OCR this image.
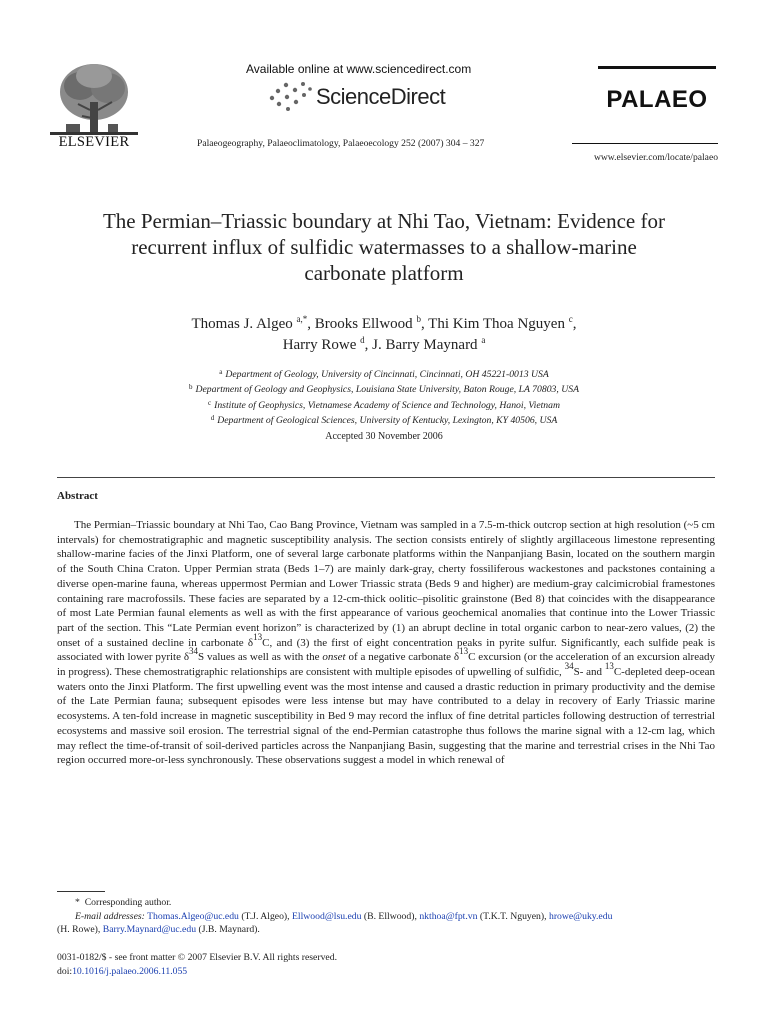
ELSEVIER
Available online at www.sciencedirect.com
ScienceDirect
Palaeogeography, Palaeoclimatology, Palaeoecology 252 (2007) 304 – 327
PALAEO
www.elsevier.com/locate/palaeo
The Permian–Triassic boundary at Nhi Tao, Vietnam: Evidence for
recurrent influx of sulfidic watermasses to a shallow-marine
carbonate platform
Thomas J. Algeo $^{a,*}$, Brooks Ellwood $^b$, Thi Kim Thoa Nguyen $^c$,
Harry Rowe $^d$, J. Barry Maynard $^a$
$^a$ Department of Geology, University of Cincinnati, Cincinnati, OH 45221-0013 USA
$^b$ Department of Geology and Geophysics, Louisiana State University, Baton Rouge, LA 70803, USA
$^c$ Institute of Geophysics, Vietnamese Academy of Science and Technology, Hanoi, Vietnam
$^d$ Department of Geological Sciences, University of Kentucky, Lexington, KY 40506, USA
Accepted 30 November 2006
Abstract

The Permian–Triassic boundary at Nhi Tao, Cao Bang Province, Vietnam was sampled in a 7.5-m-thick outcrop section at high resolution (~5 cm intervals) for chemostratigraphic and magnetic susceptibility analysis. The section consists entirely of slightly argillaceous limestone representing shallow-marine facies of the Jinxi Platform, one of several large carbonate platforms within the Nanpanjiang Basin, located on the southern margin of the South China Craton. Upper Permian strata (Beds 1–7) are mainly dark-gray, cherty fossiliferous wackestones and packstones containing a diverse open-marine fauna, whereas uppermost Permian and Lower Triassic strata (Beds 9 and higher) are medium-gray calcimicrobial framestones containing rare macrofossils. These facies are separated by a 12-cm-thick oolitic–pisolitic grainstone (Bed 8) that coincides with the disappearance of most Late Permian faunal elements as well as with the first appearance of various geochemical anomalies that continue into the Lower Triassic part of the section. This “Late Permian event horizon” is characterized by (1) an abrupt decline in total organic carbon to near-zero values, (2) the onset of a sustained decline in carbonate $\delta^{13}C$, and (3) the first of eight concentration peaks in pyrite sulfur. Significantly, each sulfide peak is associated with lower pyrite $\delta^{34}S$ values as well as with the onset of a negative carbonate $\delta^{13}C$ excursion (or the acceleration of an excursion already in progress). These chemostratigraphic relationships are consistent with multiple episodes of upwelling of sulfidic, $^{34}$S- and $^{13}$C-depleted deep-ocean waters onto the Jinxi Platform. The first upwelling event was the most intense and caused a drastic reduction in primary productivity and the demise of the Late Permian fauna; subsequent episodes were less intense but may have contributed to a delay in recovery of Early Triassic marine ecosystems. A ten-fold increase in magnetic susceptibility in Bed 9 may record the influx of fine detrital particles following destruction of terrestrial ecosystems and massive soil erosion. The terrestrial signal of the end-Permian catastrophe thus follows the marine signal with a 12-cm lag, which may reflect the time-of-transit of soil-derived particles across the Nanpanjiang Basin, suggesting that the marine and terrestrial crises in the Nhi Tao region occurred more-or-less synchronously. These observations suggest a model in which renewal of

* Corresponding author.
E-mail addresses: Thomas.Algeo@uc.edu (T.J. Algeo), Ellwood@lsu.edu (B. Ellwood), nkthoa@fpt.vn (T.K.T. Nguyen), hrowe@uky.edu
(H. Rowe), Barry.Maynard@uc.edu (J.B. Maynard).
0031-0182/$ - see front matter © 2007 Elsevier B.V. All rights reserved.
doi:10.1016/j.palaeo.2006.11.055
